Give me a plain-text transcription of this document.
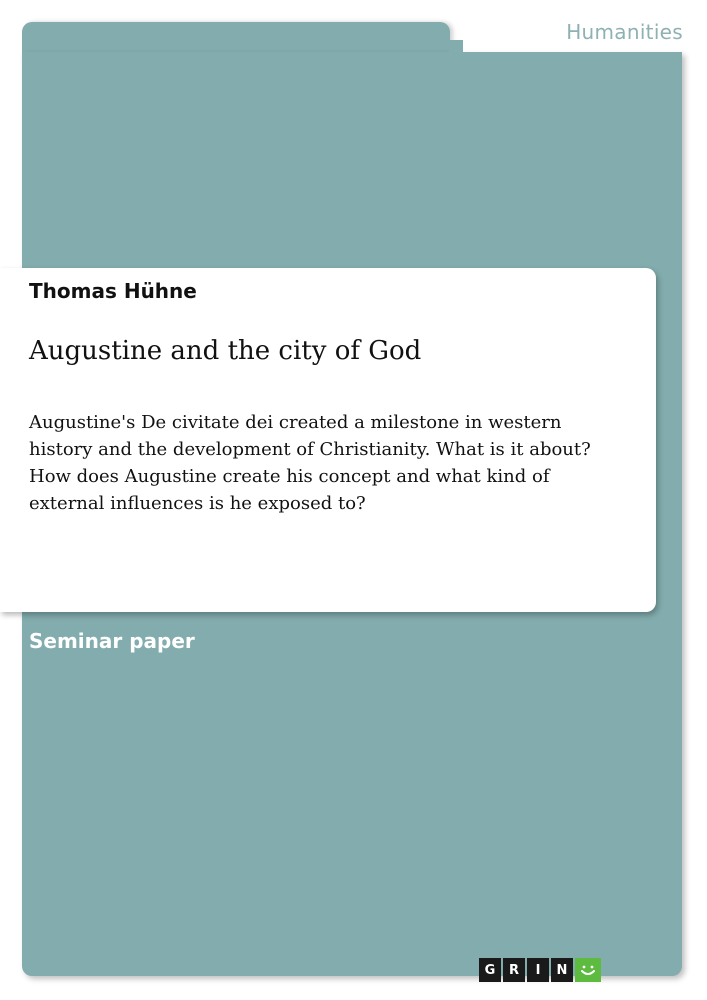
Humanities
Thomas Hühne
Augustine and the city of God
Augustine's De civitate dei created a milestone in western history and the development of Christianity. What is it about? How does Augustine create his concept and what kind of external influences is he exposed to?
Seminar paper
G	R	I	N
